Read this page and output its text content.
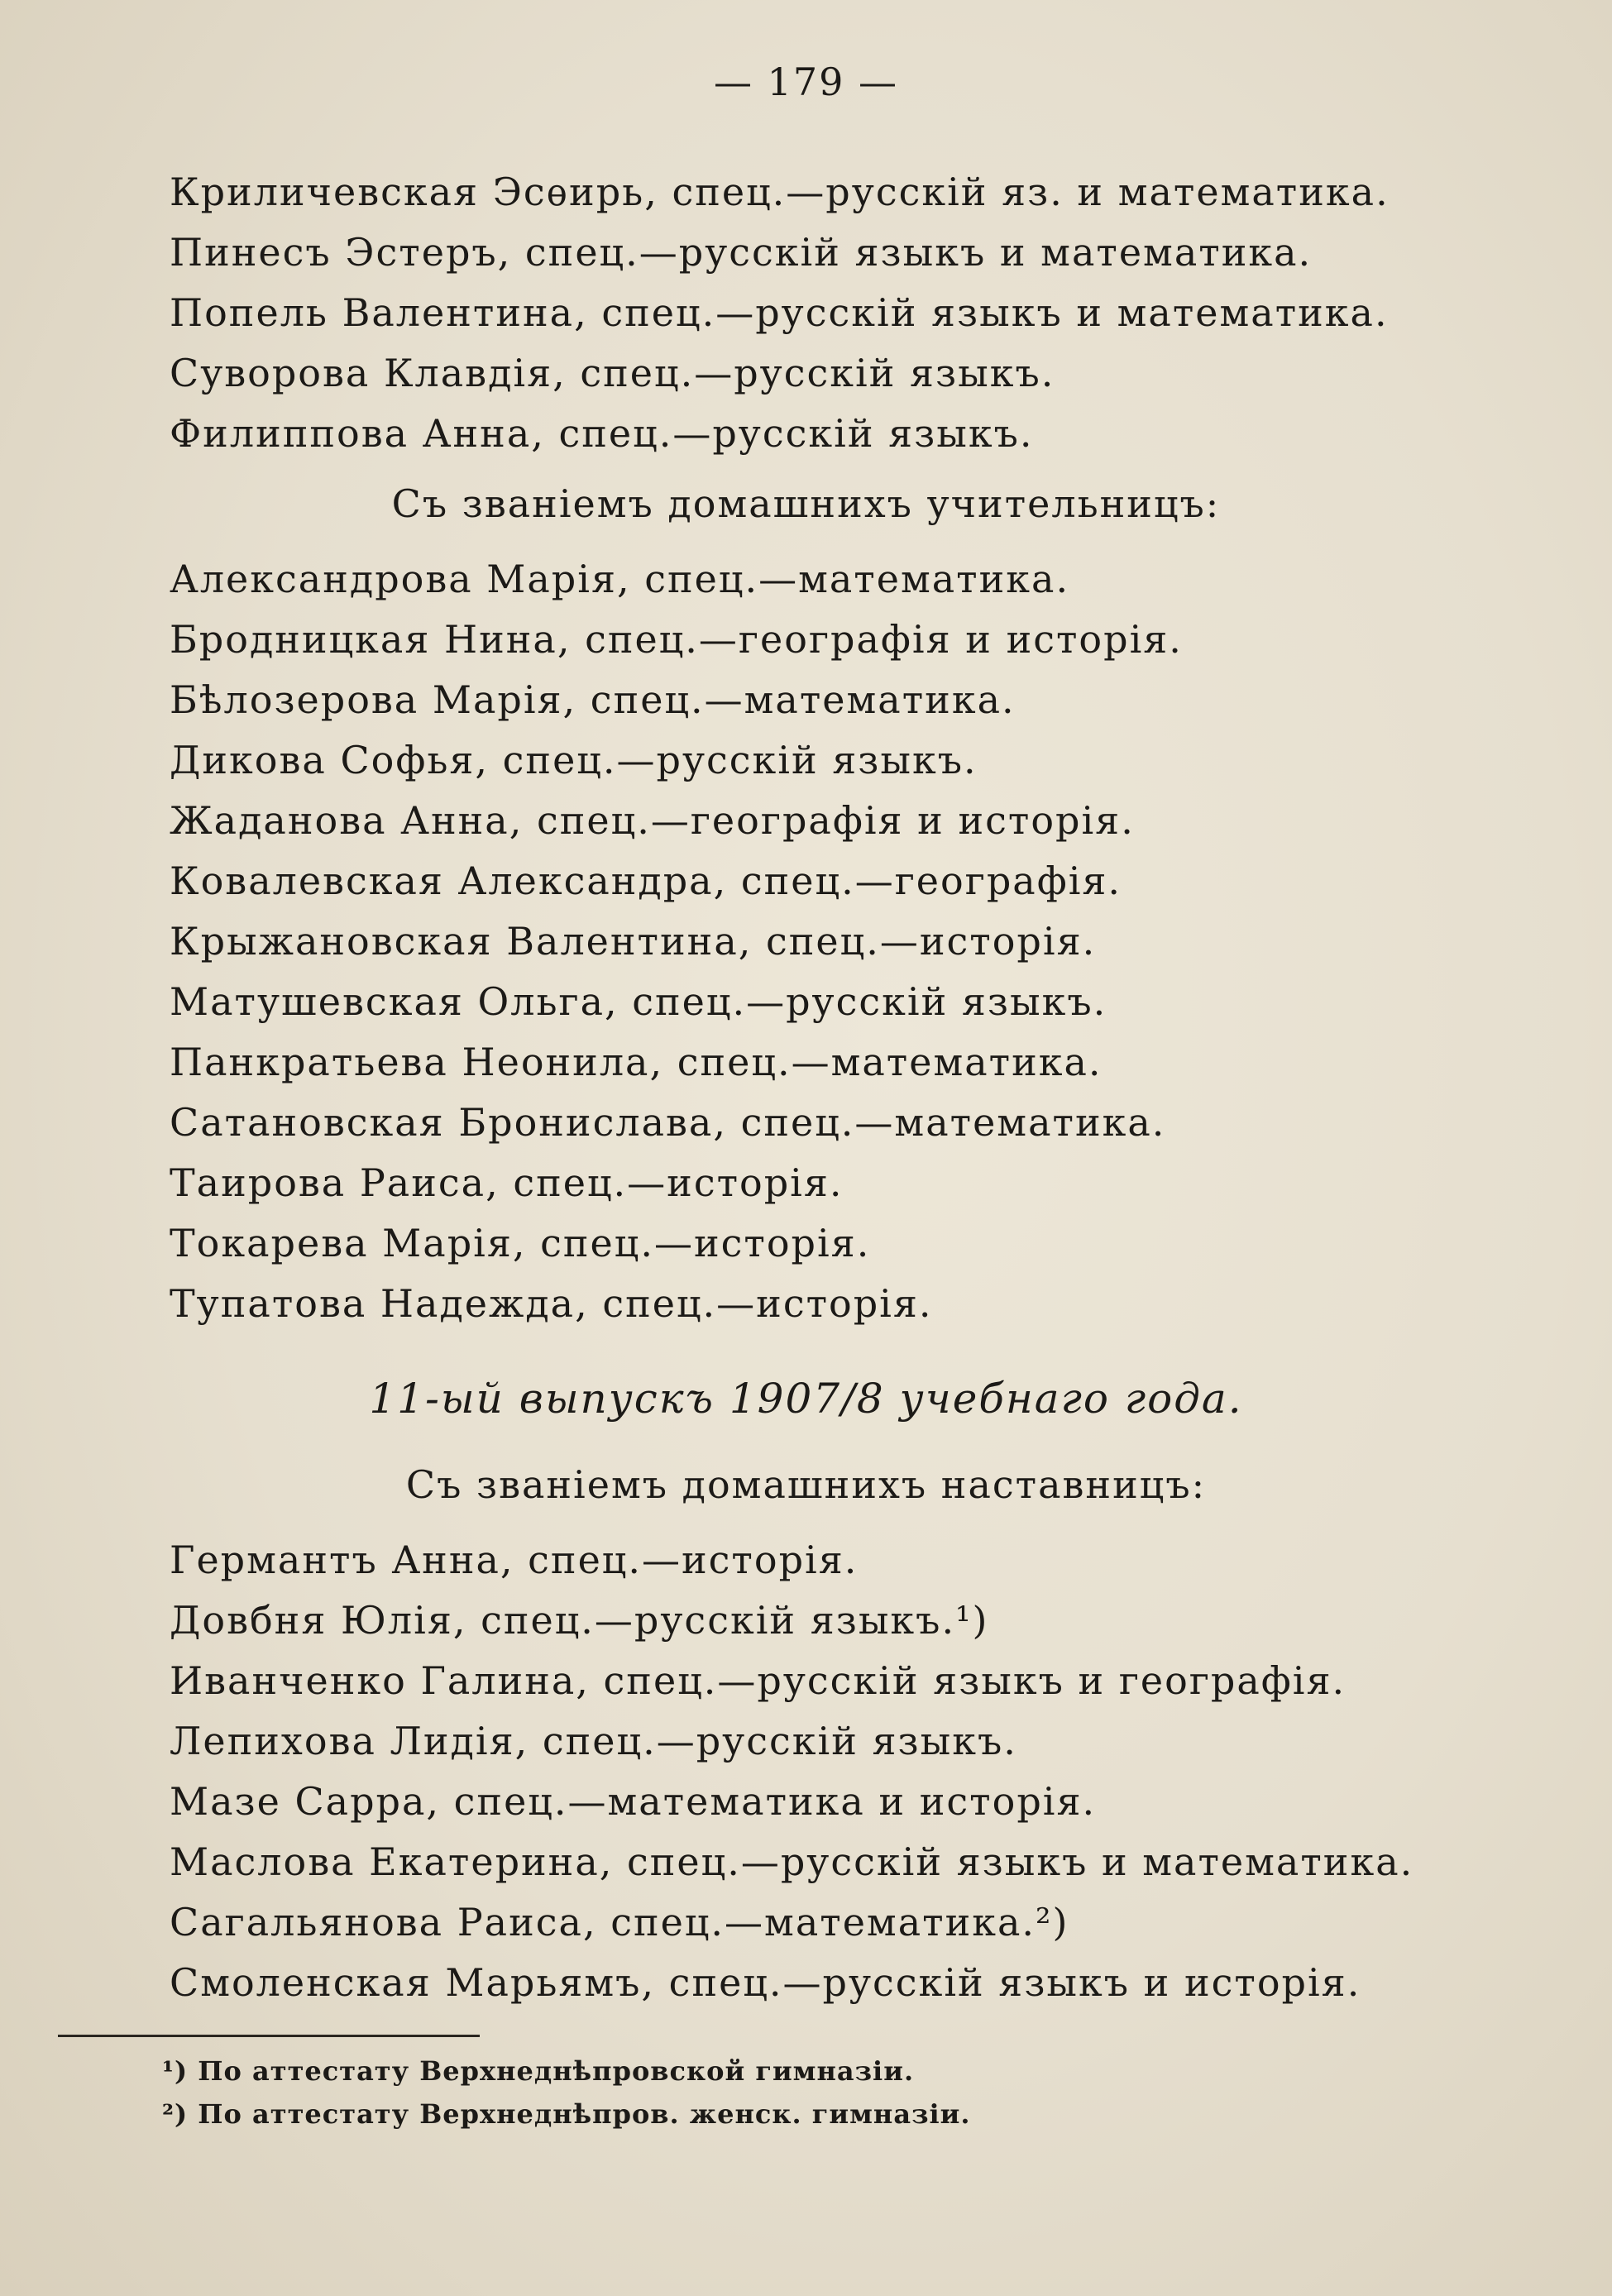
— 179 —
Криличевская Эсѳирь, спец.—русскій яз. и математика.
Пинесъ Эстеръ, спец.—русскій языкъ и математика.
Попель Валентина, спец.—русскій языкъ и математика.
Суворова Клавдія, спец.—русскій языкъ.
Филиппова Анна, спец.—русскій языкъ.
Съ званіемъ домашнихъ учительницъ:
Александрова Марія, спец.—математика.
Бродницкая Нина, спец.—географія и исторія.
Бѣлозерова Марія, спец.—математика.
Дикова Софья, спец.—русскій языкъ.
Жаданова Анна, спец.—географія и исторія.
Ковалевская Александра, спец.—географія.
Крыжановская Валентина, спец.—исторія.
Матушевская Ольга, спец.—русскій языкъ.
Панкратьева Неонила, спец.—математика.
Сатановская Бронислава, спец.—математика.
Таирова Раиса, спец.—исторія.
Токарева Марія, спец.—исторія.
Тупатова Надежда, спец.—исторія.
11-ый выпускъ 1907/8 учебнаго года.
Съ званіемъ домашнихъ наставницъ:
Германтъ Анна, спец.—исторія.
Довбня Юлія, спец.—русскій языкъ.¹)
Иванченко Галина, спец.—русскій языкъ и географія.
Лепихова Лидія, спец.—русскій языкъ.
Мазе Сарра, спец.—математика и исторія.
Маслова Екатерина, спец.—русскій языкъ и математика.
Сагальянова Раиса, спец.—математика.²)
Смоленская Марьямъ, спец.—русскій языкъ и исторія.
¹) По аттестату Верхнеднѣпровской гимназіи.
²) По аттестату Верхнеднѣпров. женск. гимназіи.
